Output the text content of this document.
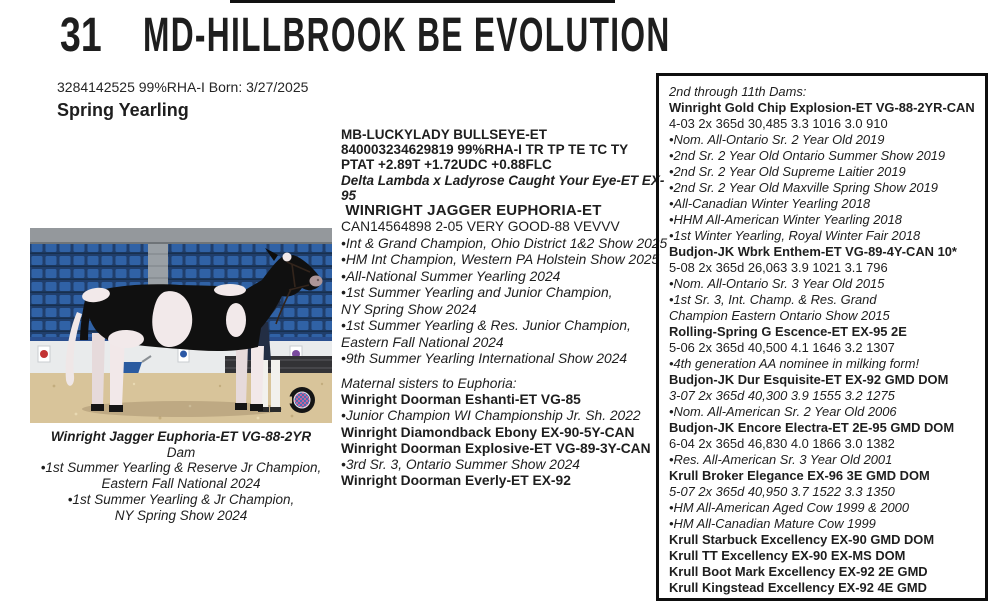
31 MD-HILLBROOK BE EVOLUTION
3284142525 99%RHA-I Born: 3/27/2025
Spring Yearling
Winright Jagger Euphoria-ET VG-88-2YR
Dam
•1st Summer Yearling & Reserve Jr Champion,
Eastern Fall National 2024
•1st Summer Yearling & Jr Champion,
NY Spring Show 2024
MB-LUCKYLADY BULLSEYE-ET
840003234629819 99%RHA-I TR TP TE TC TY
PTAT +2.89T +1.72UDC +0.88FLC
Delta Lambda x Ladyrose Caught Your Eye-ET EX-95
WINRIGHT JAGGER EUPHORIA-ET
CAN14564898 2-05 VERY GOOD-88 VEVVV
•Int & Grand Champion, Ohio District 1&2 Show 2025
•HM Int Champion, Western PA Holstein Show 2025
•All-National Summer Yearling 2024
•1st Summer Yearling and Junior Champion,
NY Spring Show 2024
•1st Summer Yearling & Res. Junior Champion,
Eastern Fall National 2024
•9th Summer Yearling International Show 2024
Maternal sisters to Euphoria:
Winright Doorman Eshanti-ET VG-85
•Junior Champion WI Championship Jr. Sh. 2022
Winright Diamondback Ebony EX-90-5Y-CAN
Winright Doorman Explosive-ET VG-89-3Y-CAN
•3rd Sr. 3, Ontario Summer Show 2024
Winright Doorman Everly-ET EX-92
2nd through 11th Dams:
Winright Gold Chip Explosion-ET VG-88-2YR-CAN
4-03 2x 365d 30,485 3.3 1016 3.0 910
•Nom. All-Ontario Sr. 2 Year Old 2019
•2nd Sr. 2 Year Old Ontario Summer Show 2019
•2nd Sr. 2 Year Old Supreme Laitier 2019
•2nd Sr. 2 Year Old Maxville Spring Show 2019
•All-Canadian Winter Yearling 2018
•HHM All-American Winter Yearling 2018
•1st Winter Yearling, Royal Winter Fair 2018
Budjon-JK Wbrk Enthem-ET VG-89-4Y-CAN 10*
5-08 2x 365d 26,063 3.9 1021 3.1 796
•Nom. All-Ontario Sr. 3 Year Old 2015
•1st Sr. 3, Int. Champ. & Res. Grand
Champion Eastern Ontario Show 2015
Rolling-Spring G Escence-ET EX-95 2E
5-06 2x 365d 40,500 4.1 1646 3.2 1307
•4th generation AA nominee in milking form!
Budjon-JK Dur Esquisite-ET EX-92 GMD DOM
3-07 2x 365d 40,300 3.9 1555 3.2 1275
•Nom. All-American Sr. 2 Year Old 2006
Budjon-JK Encore Electra-ET 2E-95 GMD DOM
6-04 2x 365d 46,830 4.0 1866 3.0 1382
•Res. All-American Sr. 3 Year Old 2001
Krull Broker Elegance EX-96 3E GMD DOM
5-07 2x 365d 40,950 3.7 1522 3.3 1350
•HM All-American Aged Cow 1999 & 2000
•HM All-Canadian Mature Cow 1999
Krull Starbuck Excellency EX-90 GMD DOM
Krull TT Excellency EX-90 EX-MS DOM
Krull Boot Mark Excellency EX-92 2E GMD
Krull Kingstead Excellency EX-92 4E GMD
